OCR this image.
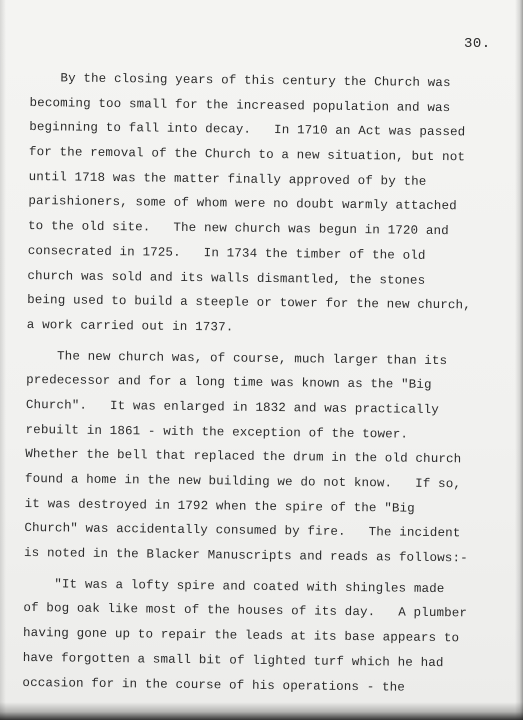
30.
By the closing years of this century the Church was
becoming too small for the increased population and was
beginning to fall into decay.   In 1710 an Act was passed
for the removal of the Church to a new situation, but not
until 1718 was the matter finally approved of by the
parishioners, some of whom were no doubt warmly attached
to the old site.   The new church was begun in 1720 and
consecrated in 1725.   In 1734 the timber of the old
church was sold and its walls dismantled, the stones
being used to build a steeple or tower for the new church,
a work carried out in 1737.
The new church was, of course, much larger than its
predecessor and for a long time was known as the "Big
Church".   It was enlarged in 1832 and was practically
rebuilt in 1861 - with the exception of the tower.
Whether the bell that replaced the drum in the old church
found a home in the new building we do not know.   If so,
it was destroyed in 1792 when the spire of the "Big
Church" was accidentally consumed by fire.   The incident
is noted in the Blacker Manuscripts and reads as follows:-
"It was a lofty spire and coated with shingles made
of bog oak like most of the houses of its day.   A plumber
having gone up to repair the leads at its base appears to
have forgotten a small bit of lighted turf which he had
occasion for in the course of his operations - the
